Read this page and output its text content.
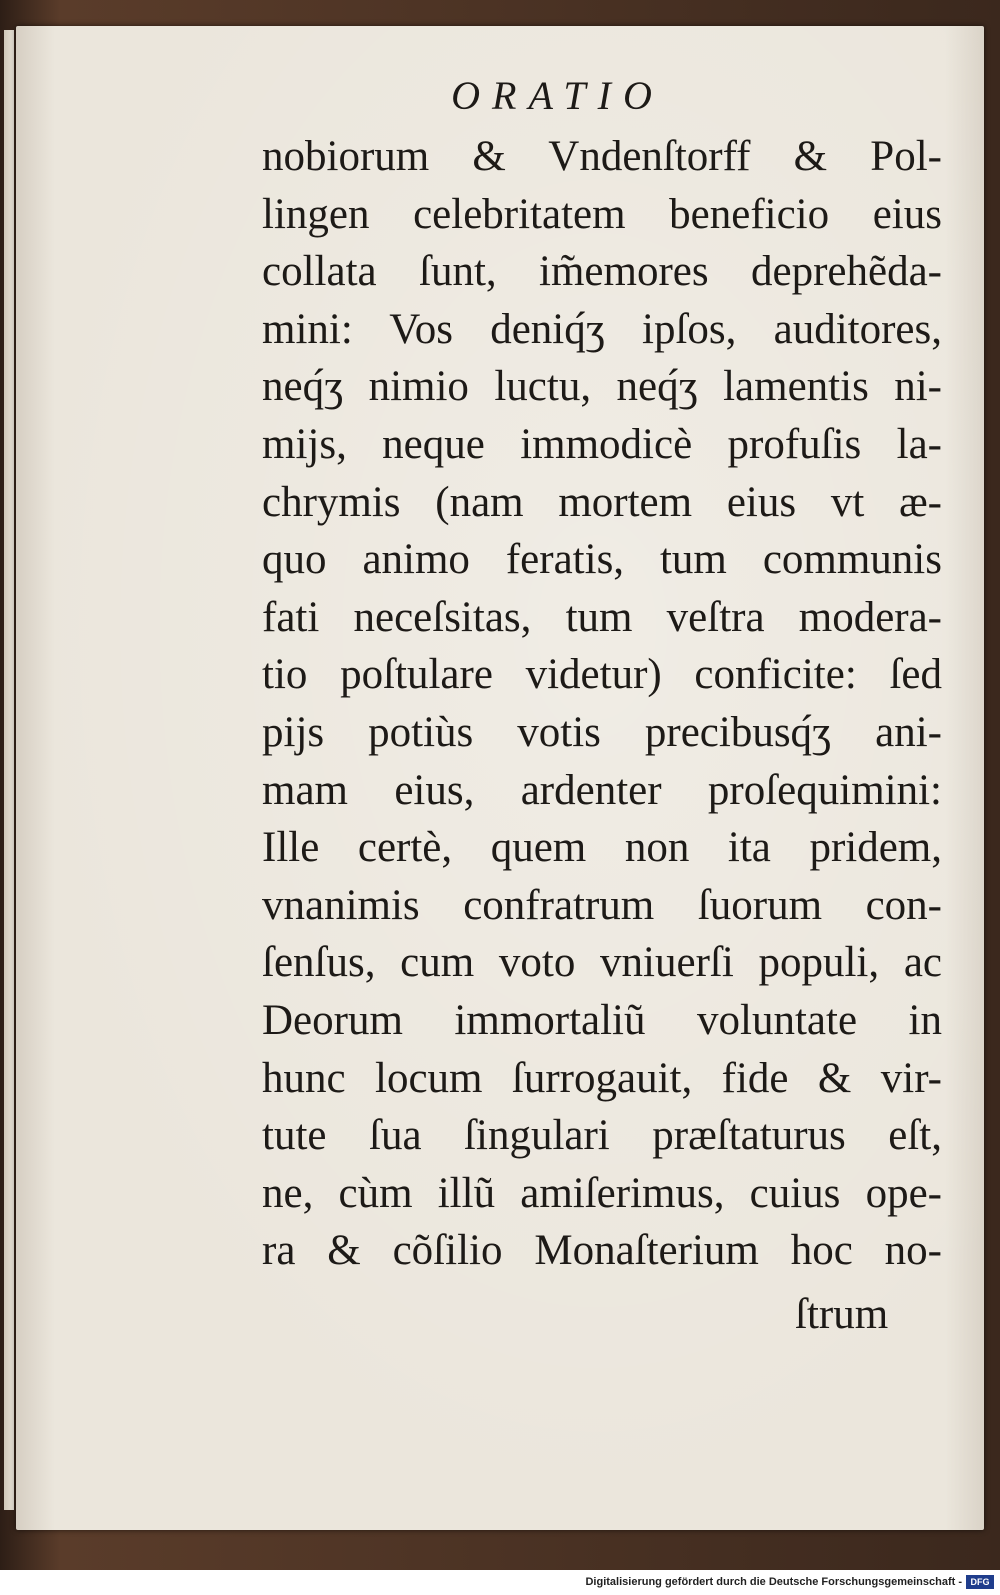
ORATIO
nobiorum & Vndenſtorff & Pol-
lingen celebritatem beneficio eius
collata ſunt, im̃emores deprehẽda-
mini: Vos deniq́ʒ ipſos, auditores,
neq́ʒ nimio luctu, neq́ʒ lamentis ni-
mijs, neque immodicè profuſis la-
chrymis (nam mortem eius vt æ-
quo animo feratis, tum communis
fati neceſsitas, tum veſtra modera-
tio poſtulare videtur) conficite: ſed
pijs potiùs votis precibusq́ʒ ani-
mam eius, ardenter proſequimini:
Ille certè, quem non ita pridem,
vnanimis confratrum ſuorum con-
ſenſus, cum voto vniuerſi populi, ac
Deorum immortaliũ voluntate in
hunc locum ſurrogauit, fide & vir-
tute ſua ſingulari præſtaturus eſt,
ne, cùm illũ amiſerimus, cuius ope-
ra & cõſilio Monaſterium hoc no-
ſtrum
Digitalisierung gefördert durch die Deutsche Forschungsgemeinschaft - DFG
